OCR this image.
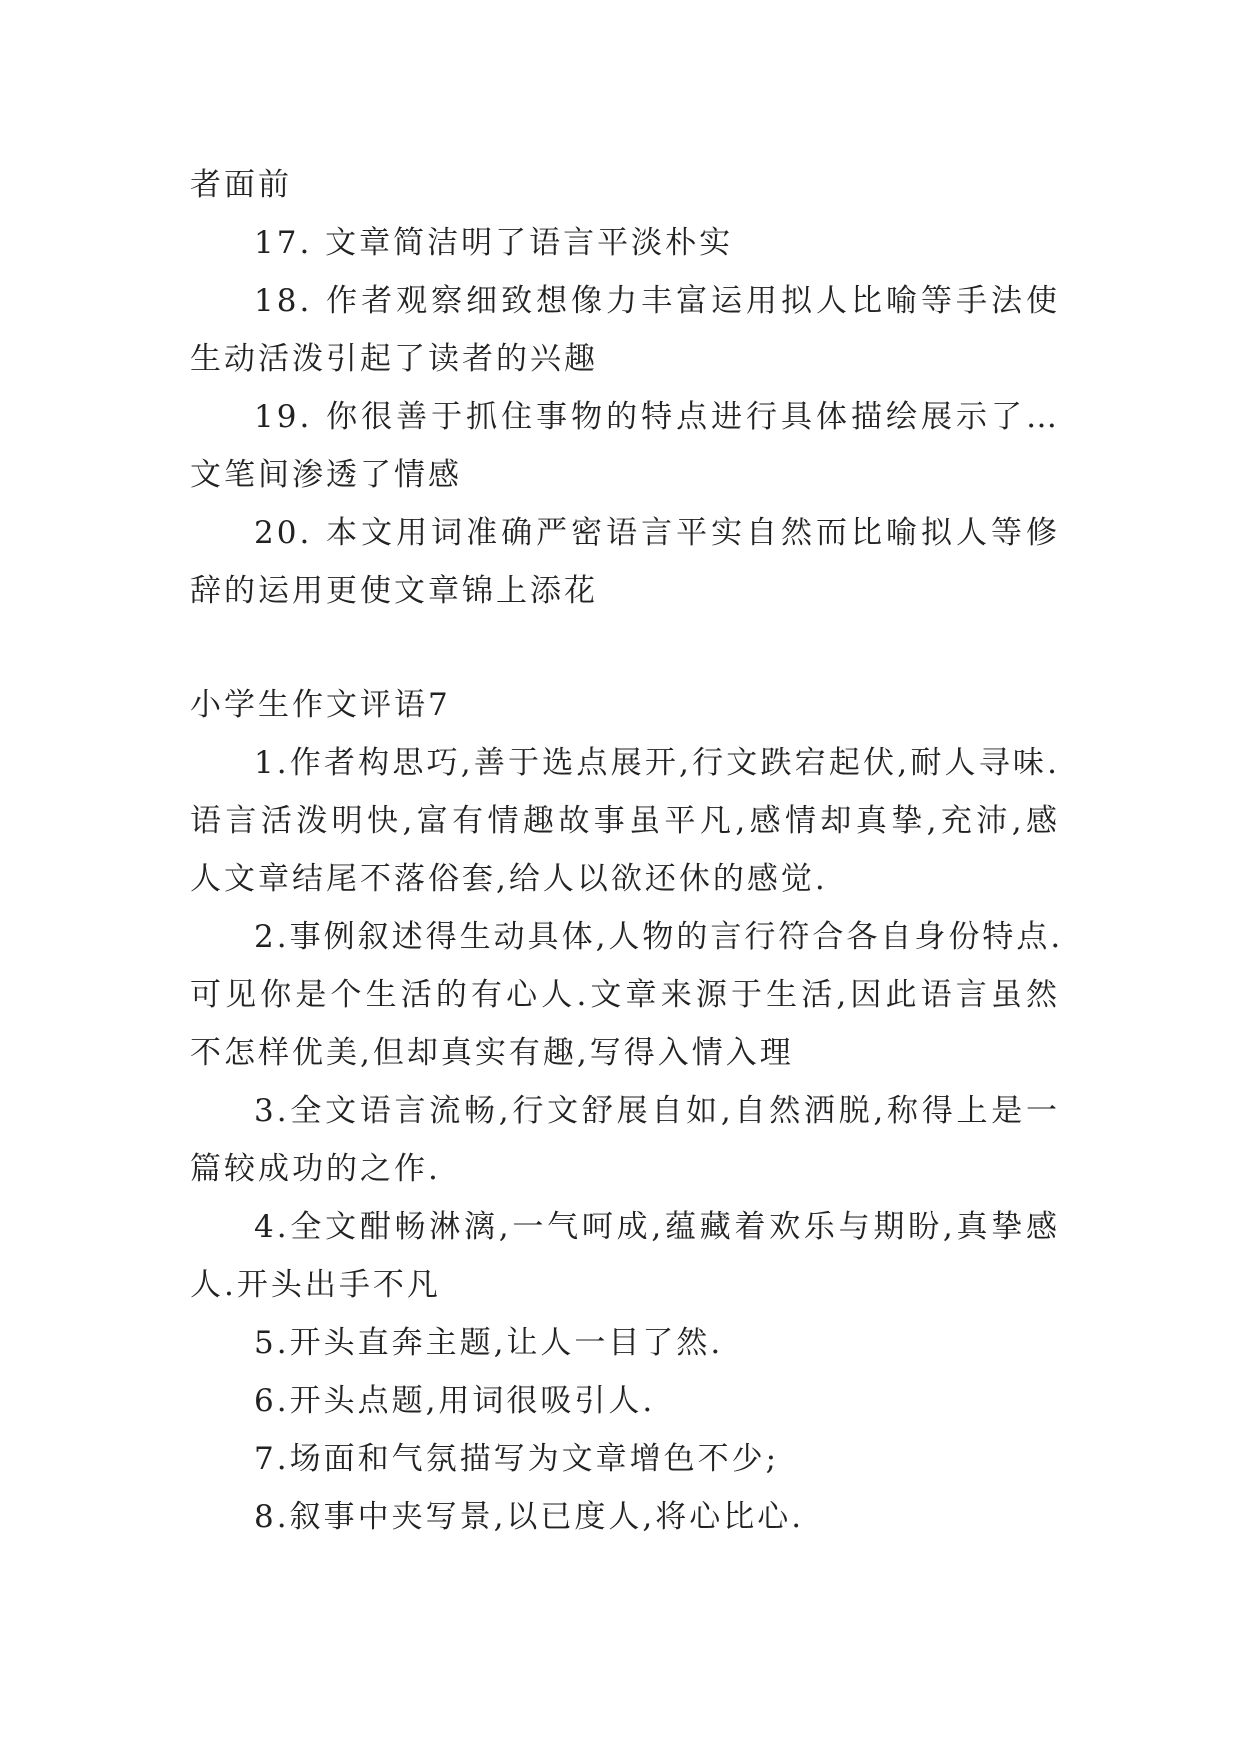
者面前
17. 文章简洁明了语言平淡朴实
18. 作者观察细致想像力丰富运用拟人比喻等手法使
生动活泼引起了读者的兴趣
19. 你很善于抓住事物的特点进行具体描绘展示了…
文笔间渗透了情感
20. 本文用词准确严密语言平实自然而比喻拟人等修
辞的运用更使文章锦上添花
小学生作文评语7
1.作者构思巧,善于选点展开,行文跌宕起伏,耐人寻味.
语言活泼明快,富有情趣故事虽平凡,感情却真挚,充沛,感
人文章结尾不落俗套,给人以欲还休的感觉.
2.事例叙述得生动具体,人物的言行符合各自身份特点.
可见你是个生活的有心人.文章来源于生活,因此语言虽然
不怎样优美,但却真实有趣,写得入情入理
3.全文语言流畅,行文舒展自如,自然洒脱,称得上是一
篇较成功的之作.
4.全文酣畅淋漓,一气呵成,蕴藏着欢乐与期盼,真挚感
人.开头出手不凡
5.开头直奔主题,让人一目了然.
6.开头点题,用词很吸引人.
7.场面和气氛描写为文章增色不少;
8.叙事中夹写景,以已度人,将心比心.
